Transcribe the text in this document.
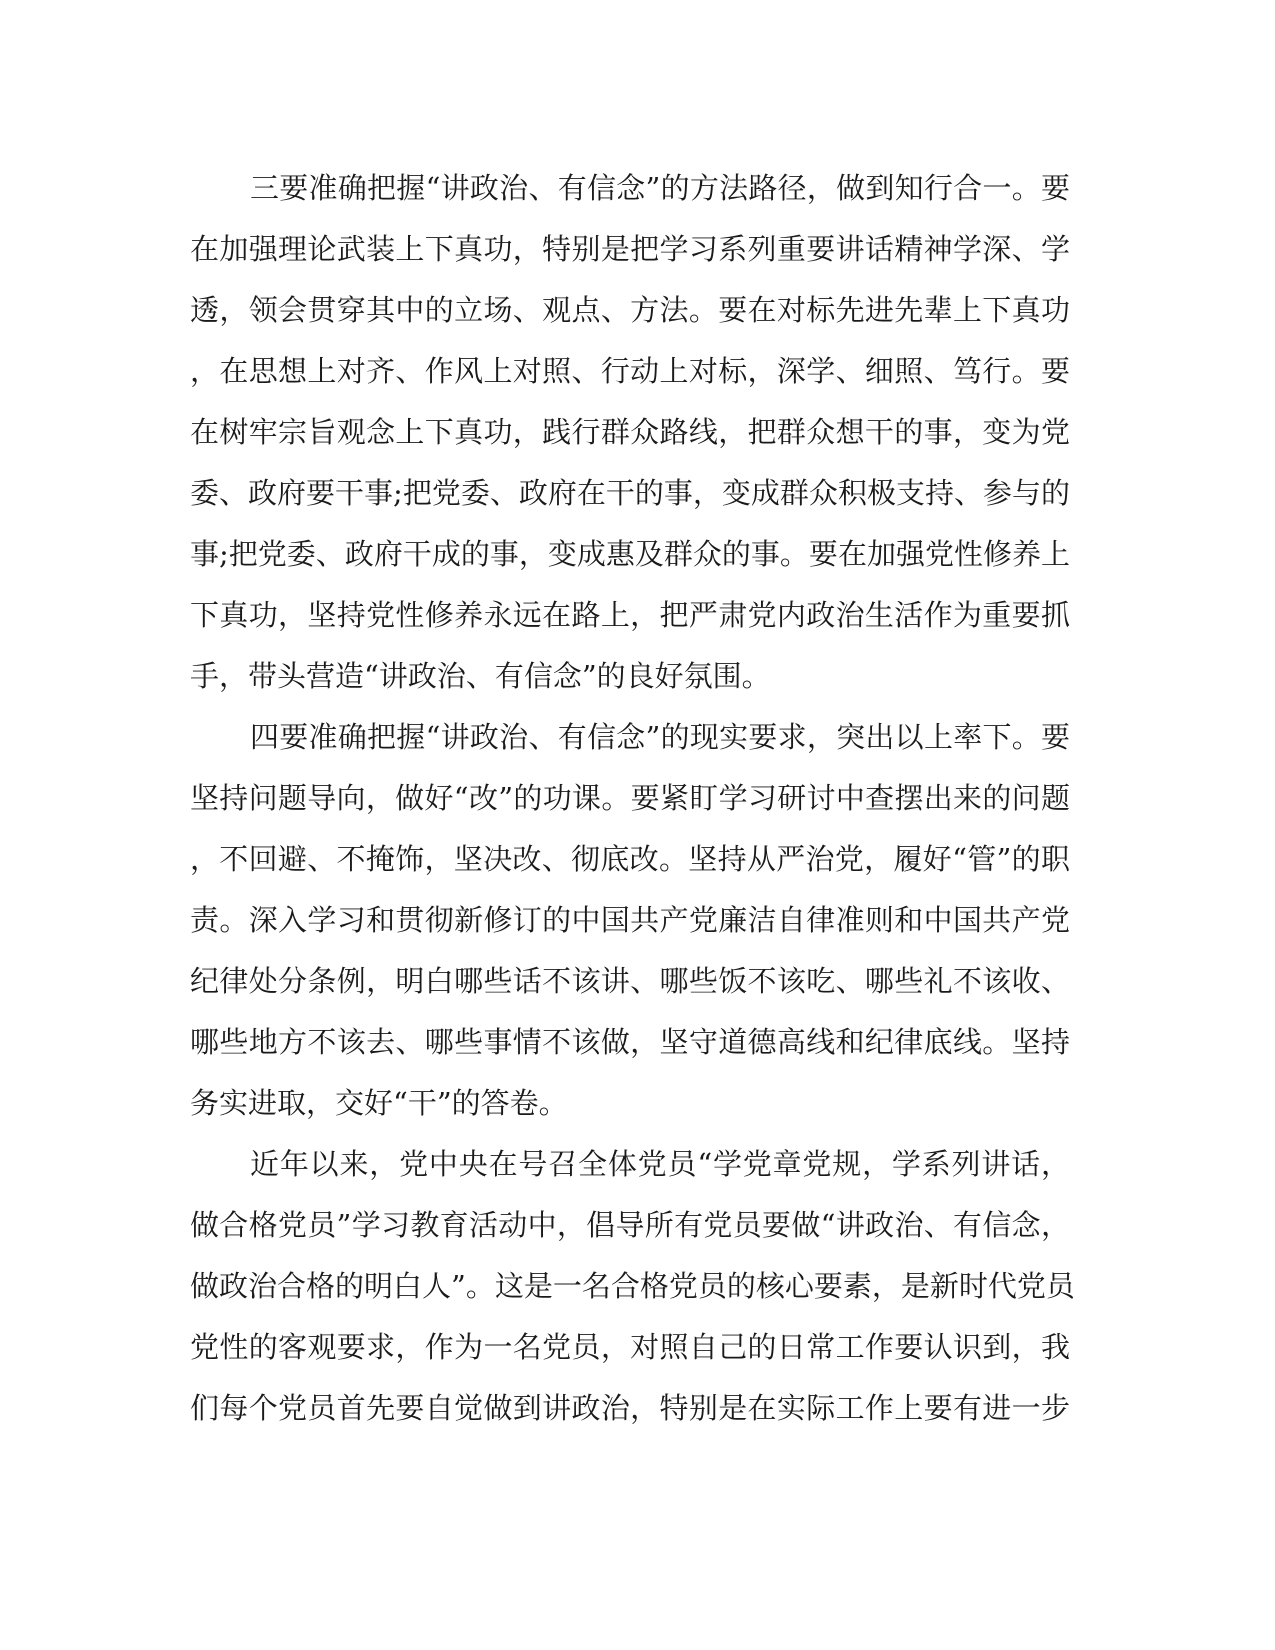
三要准确把握“讲政治、有信念”的方法路径，做到知行合一。要
在加强理论武装上下真功，特别是把学习系列重要讲话精神学深、学
透，领会贯穿其中的立场、观点、方法。要在对标先进先辈上下真功
，在思想上对齐、作风上对照、行动上对标，深学、细照、笃行。要
在树牢宗旨观念上下真功，践行群众路线，把群众想干的事，变为党
委、政府要干事;把党委、政府在干的事，变成群众积极支持、参与的
事;把党委、政府干成的事，变成惠及群众的事。要在加强党性修养上
下真功，坚持党性修养永远在路上，把严肃党内政治生活作为重要抓
手，带头营造“讲政治、有信念”的良好氛围。
四要准确把握“讲政治、有信念”的现实要求，突出以上率下。要
坚持问题导向，做好“改”的功课。要紧盯学习研讨中查摆出来的问题
，不回避、不掩饰，坚决改、彻底改。坚持从严治党，履好“管”的职
责。深入学习和贯彻新修订的中国共产党廉洁自律准则和中国共产党
纪律处分条例，明白哪些话不该讲、哪些饭不该吃、哪些礼不该收、
哪些地方不该去、哪些事情不该做，坚守道德高线和纪律底线。坚持
务实进取，交好“干”的答卷。
近年以来，党中央在号召全体党员“学党章党规，学系列讲话，
做合格党员”学习教育活动中，倡导所有党员要做“讲政治、有信念，
做政治合格的明白人”。这是一名合格党员的核心要素，是新时代党员
党性的客观要求，作为一名党员，对照自己的日常工作要认识到，我
们每个党员首先要自觉做到讲政治，特别是在实际工作上要有进一步
